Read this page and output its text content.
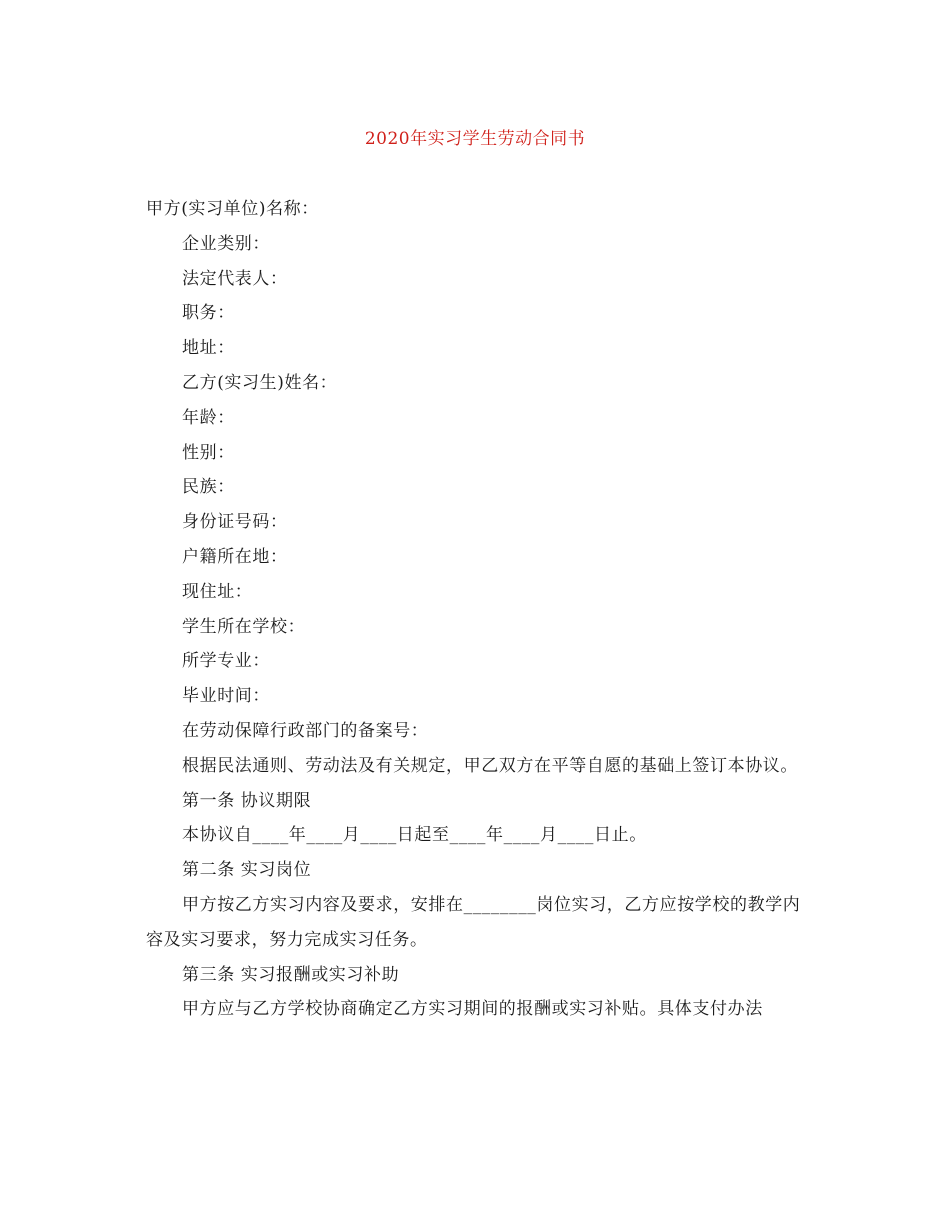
2020年实习学生劳动合同书

甲方(实习单位)名称：

企业类别：

法定代表人：

职务：

地址：

乙方(实习生)姓名：

年龄：

性别：

民族：

身份证号码：

户籍所在地：

现住址：

学生所在学校：

所学专业：

毕业时间：

在劳动保障行政部门的备案号：

根据民法通则、劳动法及有关规定，甲乙双方在平等自愿的基础上签订本协议。

第一条 协议期限

本协议自____年____月____日起至____年____月____日止。

第二条 实习岗位

甲方按乙方实习内容及要求，安排在________岗位实习，乙方应按学校的教学内容及实习要求，努力完成实习任务。

第三条 实习报酬或实习补助

甲方应与乙方学校协商确定乙方实习期间的报酬或实习补贴。具体支付办法
